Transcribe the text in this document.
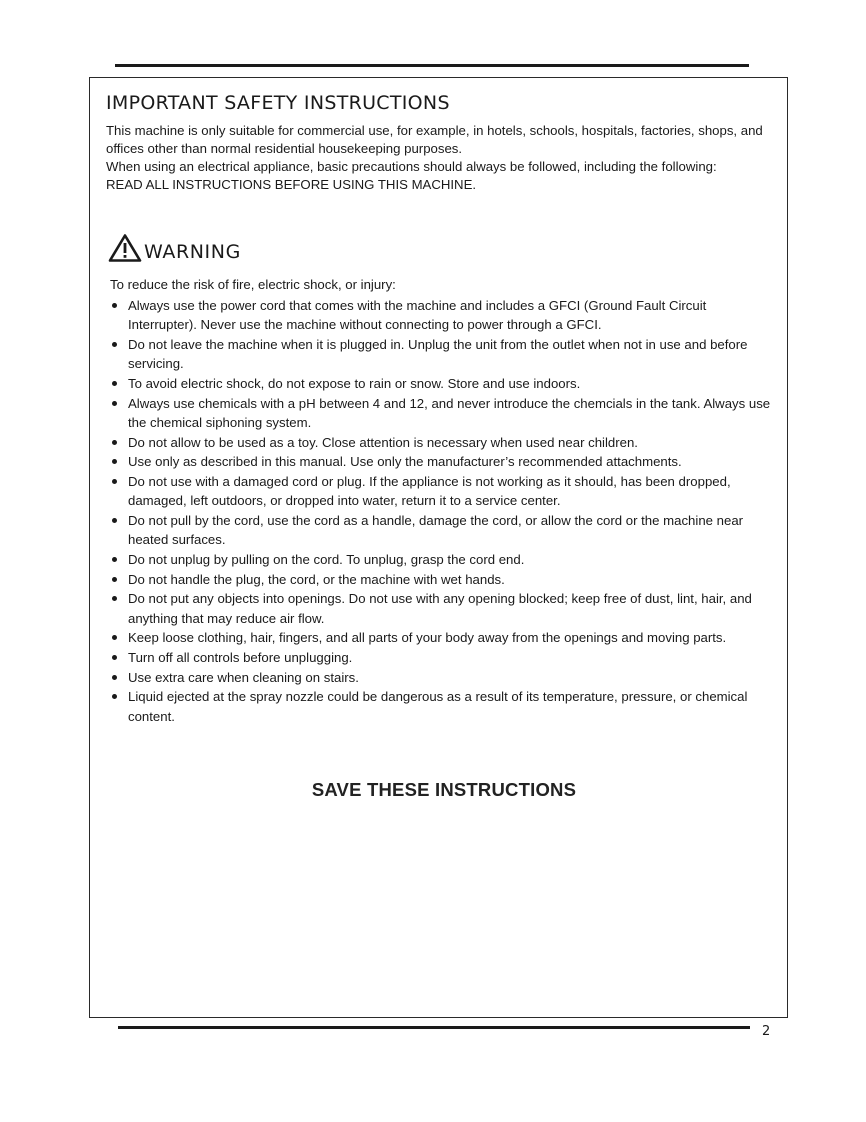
IMPORTANT SAFETY INSTRUCTIONS

This machine is only suitable for commercial use, for example, in hotels, schools, hospitals, factories, shops, and offices other than normal residential housekeeping purposes.

When using an electrical appliance, basic precautions should always be followed, including the following:

READ ALL INSTRUCTIONS BEFORE USING THIS MACHINE.

WARNING
To reduce the risk of fire, electric shock, or injury:
Always use the power cord that comes with the machine and includes a GFCI (Ground Fault Circuit Interrupter). Never use the machine without connecting to power through a GFCI.
Do not leave the machine when it is plugged in. Unplug the unit from the outlet when not in use and before servicing.
To avoid electric shock, do not expose to rain or snow. Store and use indoors.
Always use chemicals with a pH between 4 and 12, and never introduce the chemcials in the tank. Always use the chemical siphoning system.
Do not allow to be used as a toy. Close attention is necessary when used near children.
Use only as described in this manual. Use only the manufacturer’s recommended attachments.
Do not use with a damaged cord or plug. If the appliance is not working as it should, has been dropped, damaged, left outdoors, or dropped into water, return it to a service center.
Do not pull by the cord, use the cord as a handle, damage the cord, or allow the cord or the machine near heated surfaces.
Do not unplug by pulling on the cord. To unplug, grasp the cord end.
Do not handle the plug, the cord, or the machine with wet hands.
Do not put any objects into openings. Do not use with any opening blocked; keep free of dust, lint, hair, and anything that may reduce air flow.
Keep loose clothing, hair, fingers, and all parts of your body away from the openings and moving parts.
Turn off all controls before unplugging.
Use extra care when cleaning on stairs.
Liquid ejected at the spray nozzle could be dangerous as a result of its temperature, pressure, or chemical content.
SAVE THESE INSTRUCTIONS
2
